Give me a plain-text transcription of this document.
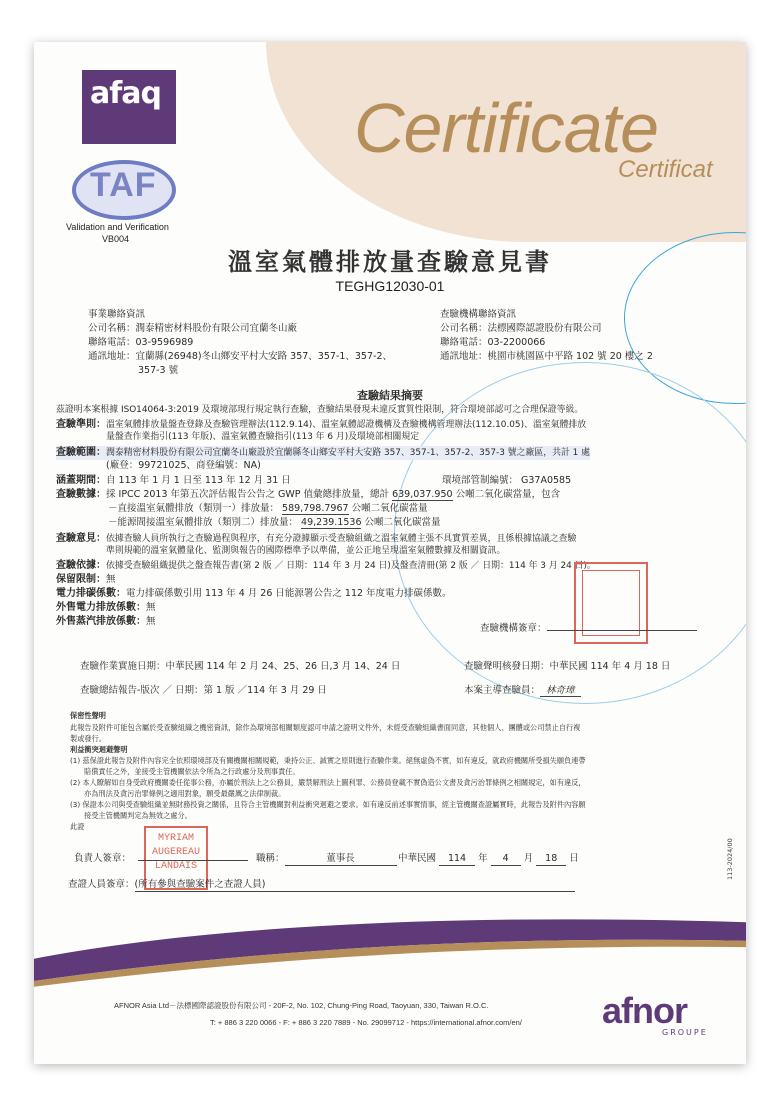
afaq
TAF
Validation and Verification
VB004
Certificate
Certificat
溫室氣體排放量查驗意見書
TEGHG12030-01
事業聯絡資訊
公司名稱：潤泰精密材料股份有限公司宜蘭冬山廠
聯絡電話：03-9596989
通訊地址：宜蘭縣(26948)冬山鄉安平村大安路 357、357-1、357-2、
357-3 號
查驗機構聯絡資訊
公司名稱：法標國際認證股份有限公司
聯絡電話：03-2200066
通訊地址：桃園市桃園區中平路 102 號 20 樓之 2
查驗結果摘要
茲證明本案根據 ISO14064-3:2019 及環境部現行規定執行查驗，查驗結果發現未違反實質性限制，符合環境部認可之合理保證等級。
查驗準則：溫室氣體排放量盤查登錄及查驗管理辦法(112.9.14)、溫室氣體認證機構及查驗機構管理辦法(112.10.05)、溫室氣體排放
量盤查作業指引(113 年版)、溫室氣體查驗指引(113 年 6 月)及環境部相關規定
查驗範圍：潤泰精密材料股份有限公司宜蘭冬山廠設於宜蘭縣冬山鄉安平村大安路 357、357-1、357-2、357-3 號之廠區，共計 1 處
(廠登：99721025、商登編號：NA)
涵蓋期間：自 113 年 1 月 1 日至 113 年 12 月 31 日	環境部管制編號： G37A0585
查驗數據：採 IPCC 2013 年第五次評估報告公告之 GWP 值彙總排放量，總計 639,037.950 公噸二氧化碳當量，包含
－直接溫室氣體排放（類別一）排放量： 589,798.7967 公噸二氧化碳當量
－能源間接溫室氣體排放（類別二）排放量： 49,239.1536 公噸二氧化碳當量
查驗意見：依據查驗人員所執行之查驗過程與程序，有充分證據顯示受查驗組織之溫室氣體主張不具實質差異，且係根據協議之查驗
準則規範的溫室氣體量化、監測與報告的國際標準予以準備，並公正地呈現溫室氣體數據及相關資訊。
查驗依據：依據受查驗組織提供之盤查報告書(第 2 版 ／ 日期：114 年 3 月 24 日)及盤查清冊(第 2 版 ／ 日期：114 年 3 月 24 日)。
保留限制：無
電力排碳係數：電力排碳係數引用 113 年 4 月 26 日能源署公告之 112 年度電力排碳係數。
外售電力排放係數：無
外售蒸汽排放係數：無
查驗機構簽章：
查驗作業實施日期：中華民國 114 年 2 月 24、25、26 日,3 月 14、24 日	查驗聲明核發日期：中華民國 114 年 4 月 18 日
查驗總結報告-版次 ／ 日期：第 1 版 ／114 年 3 月 29 日	本案主導查驗員： 林奇璋
保密性聲明
此報告及附件可能包含屬於受查驗組織之機密資訊，除作為環境部相關類度認可申請之證明文件外，未經受查驗組織書面同意，其他個人、團體或公司禁止自行複
製或發行。
利益衝突迴避聲明
(1) 茲保證此報告及附件內容完全依照環境部及有關機關相關規範，秉持公正、誠實之原則進行查驗作業。絕無虛偽不實，如有違反，就政府機關所受損失願負連帶
賠償責任之外，並接受主管機關依法令所為之行政處分及刑事責任。
(2) 本人瞭解如自身受政府機關委任從事公務，亦屬於刑法上之公務員，嚴禁解刑法上圖利罪、公務員登載不實偽造公文書及貪污治罪條例之相關規定，如有違反，
亦為刑法及貪污治罪條例之適用對象，願受最嚴厲之法律制裁。
(3) 保證本公司與受查驗組織並無財務投資之關係，且符合主管機關對利益衝突迴避之要求。如有違反前述事實情事，經主管機關查證屬實時，此報告及附件內容願
接受主管機關判定為無效之處分。
此證
MYRIAM AUGEREAU LANDAIS
負責人簽章：	職稱：	董事長	中華民國 114 年 4 月 18 日
查證人員簽章：(所有參與查驗案件之查證人員)
113-2024/00
AFNOR Asia Ltd－法標國際認證股份有限公司 - 20F-2, No. 102, Chung-Ping Road, Taoyuan, 330, Taiwan R.O.C.
T: + 886 3 220 0066 - F: + 886 3 220 7889 - No. 29099712 - https://international.afnor.com/en/ afnor
GROUPE
